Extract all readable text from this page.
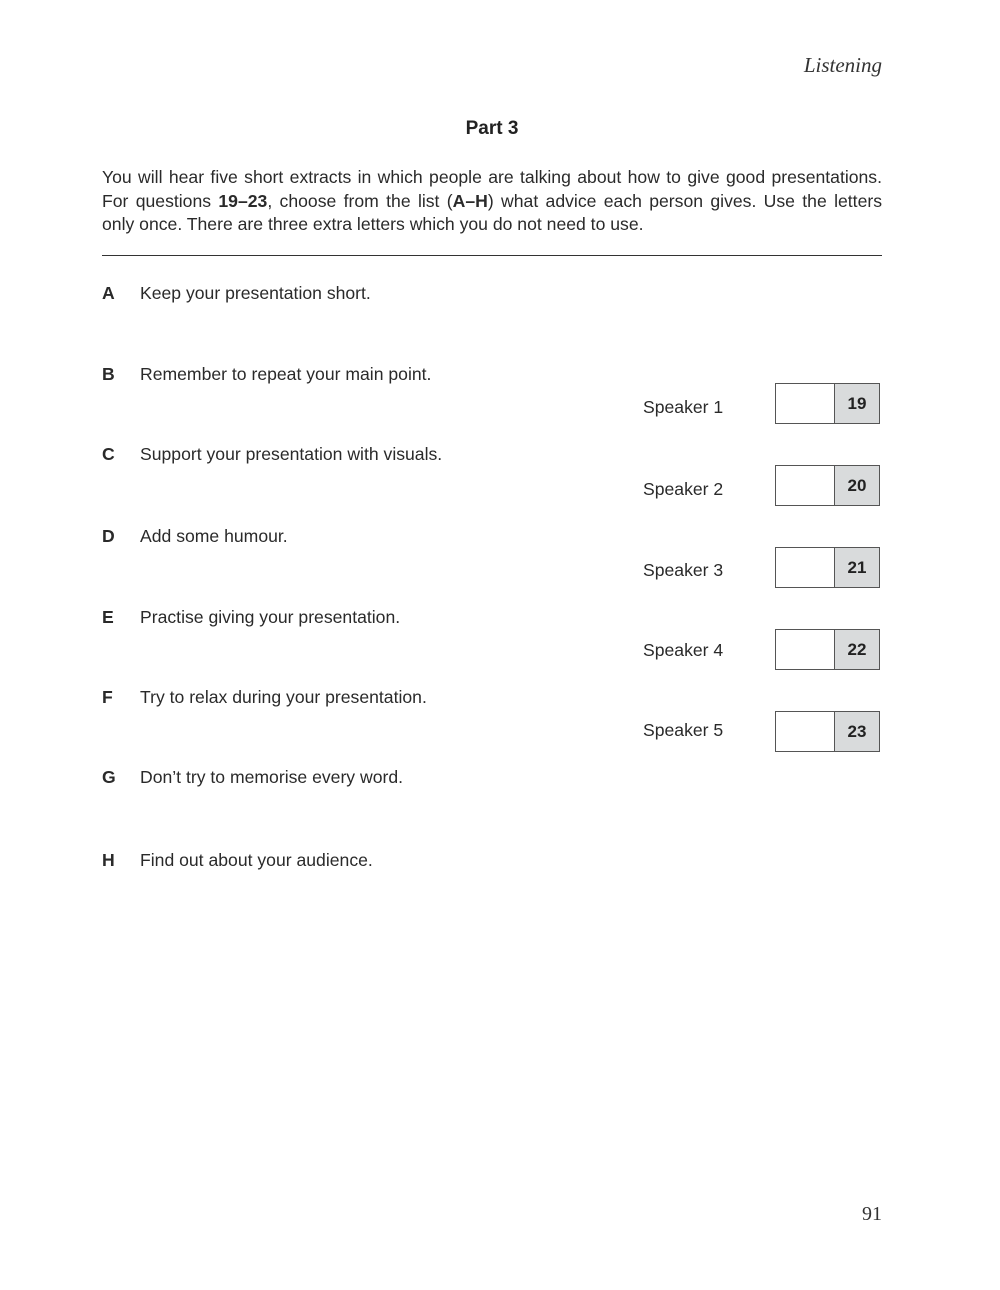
Listening
Part 3
You will hear five short extracts in which people are talking about how to give good presentations. For questions 19–23, choose from the list (A–H) what advice each person gives. Use the letters only once. There are three extra letters which you do not need to use.
A Keep your presentation short.
B Remember to repeat your main point.
C Support your presentation with visuals.
D Add some humour.
E Practise giving your presentation.
F Try to relax during your presentation.
G Don’t try to memorise every word.
H Find out about your audience.
Speaker 1	19
Speaker 2	20
Speaker 3	21
Speaker 4	22
Speaker 5	23
91
